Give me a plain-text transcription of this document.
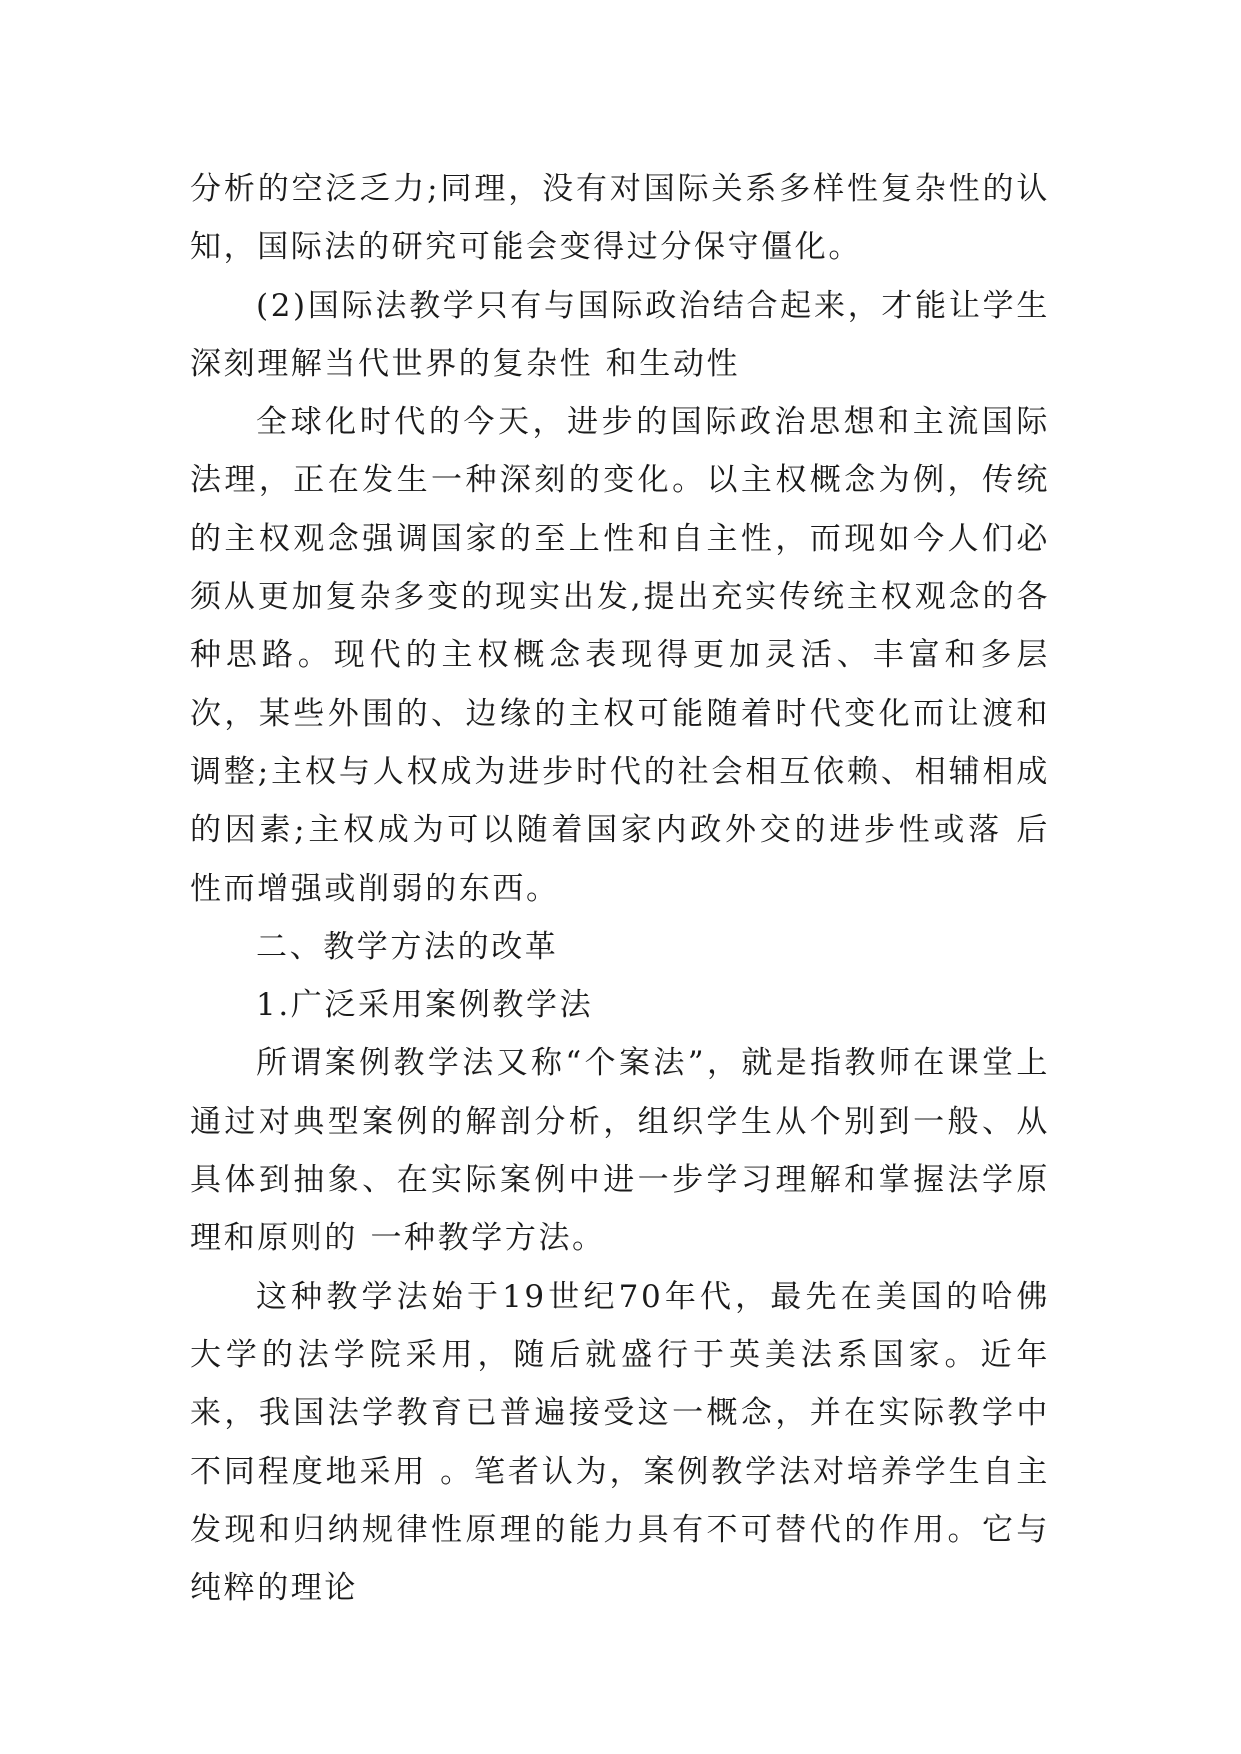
分析的空泛乏力;同理，没有对国际关系多样性复杂性的认知，国际法的研究可能会变得过分保守僵化。

(2)国际法教学只有与国际政治结合起来，才能让学生深刻理解当代世界的复杂性 和生动性

全球化时代的今天，进步的国际政治思想和主流国际法理，正在发生一种深刻的变化。以主权概念为例，传统的主权观念强调国家的至上性和自主性，而现如今人们必须从更加复杂多变的现实出发,提出充实传统主权观念的各种思路。现代的主权概念表现得更加灵活、丰富和多层次，某些外围的、边缘的主权可能随着时代变化而让渡和调整;主权与人权成为进步时代的社会相互依赖、相辅相成的因素;主权成为可以随着国家内政外交的进步性或落 后性而增强或削弱的东西。

二、教学方法的改革

1.广泛采用案例教学法

所谓案例教学法又称“个案法”，就是指教师在课堂上通过对典型案例的解剖分析，组织学生从个别到一般、从具体到抽象、在实际案例中进一步学习理解和掌握法学原理和原则的 一种教学方法。

这种教学法始于19世纪70年代，最先在美国的哈佛大学的法学院采用，随后就盛行于英美法系国家。近年来，我国法学教育已普遍接受这一概念，并在实际教学中不同程度地采用 。笔者认为，案例教学法对培养学生自主发现和归纳规律性原理的能力具有不可替代的作用。它与纯粹的理论
